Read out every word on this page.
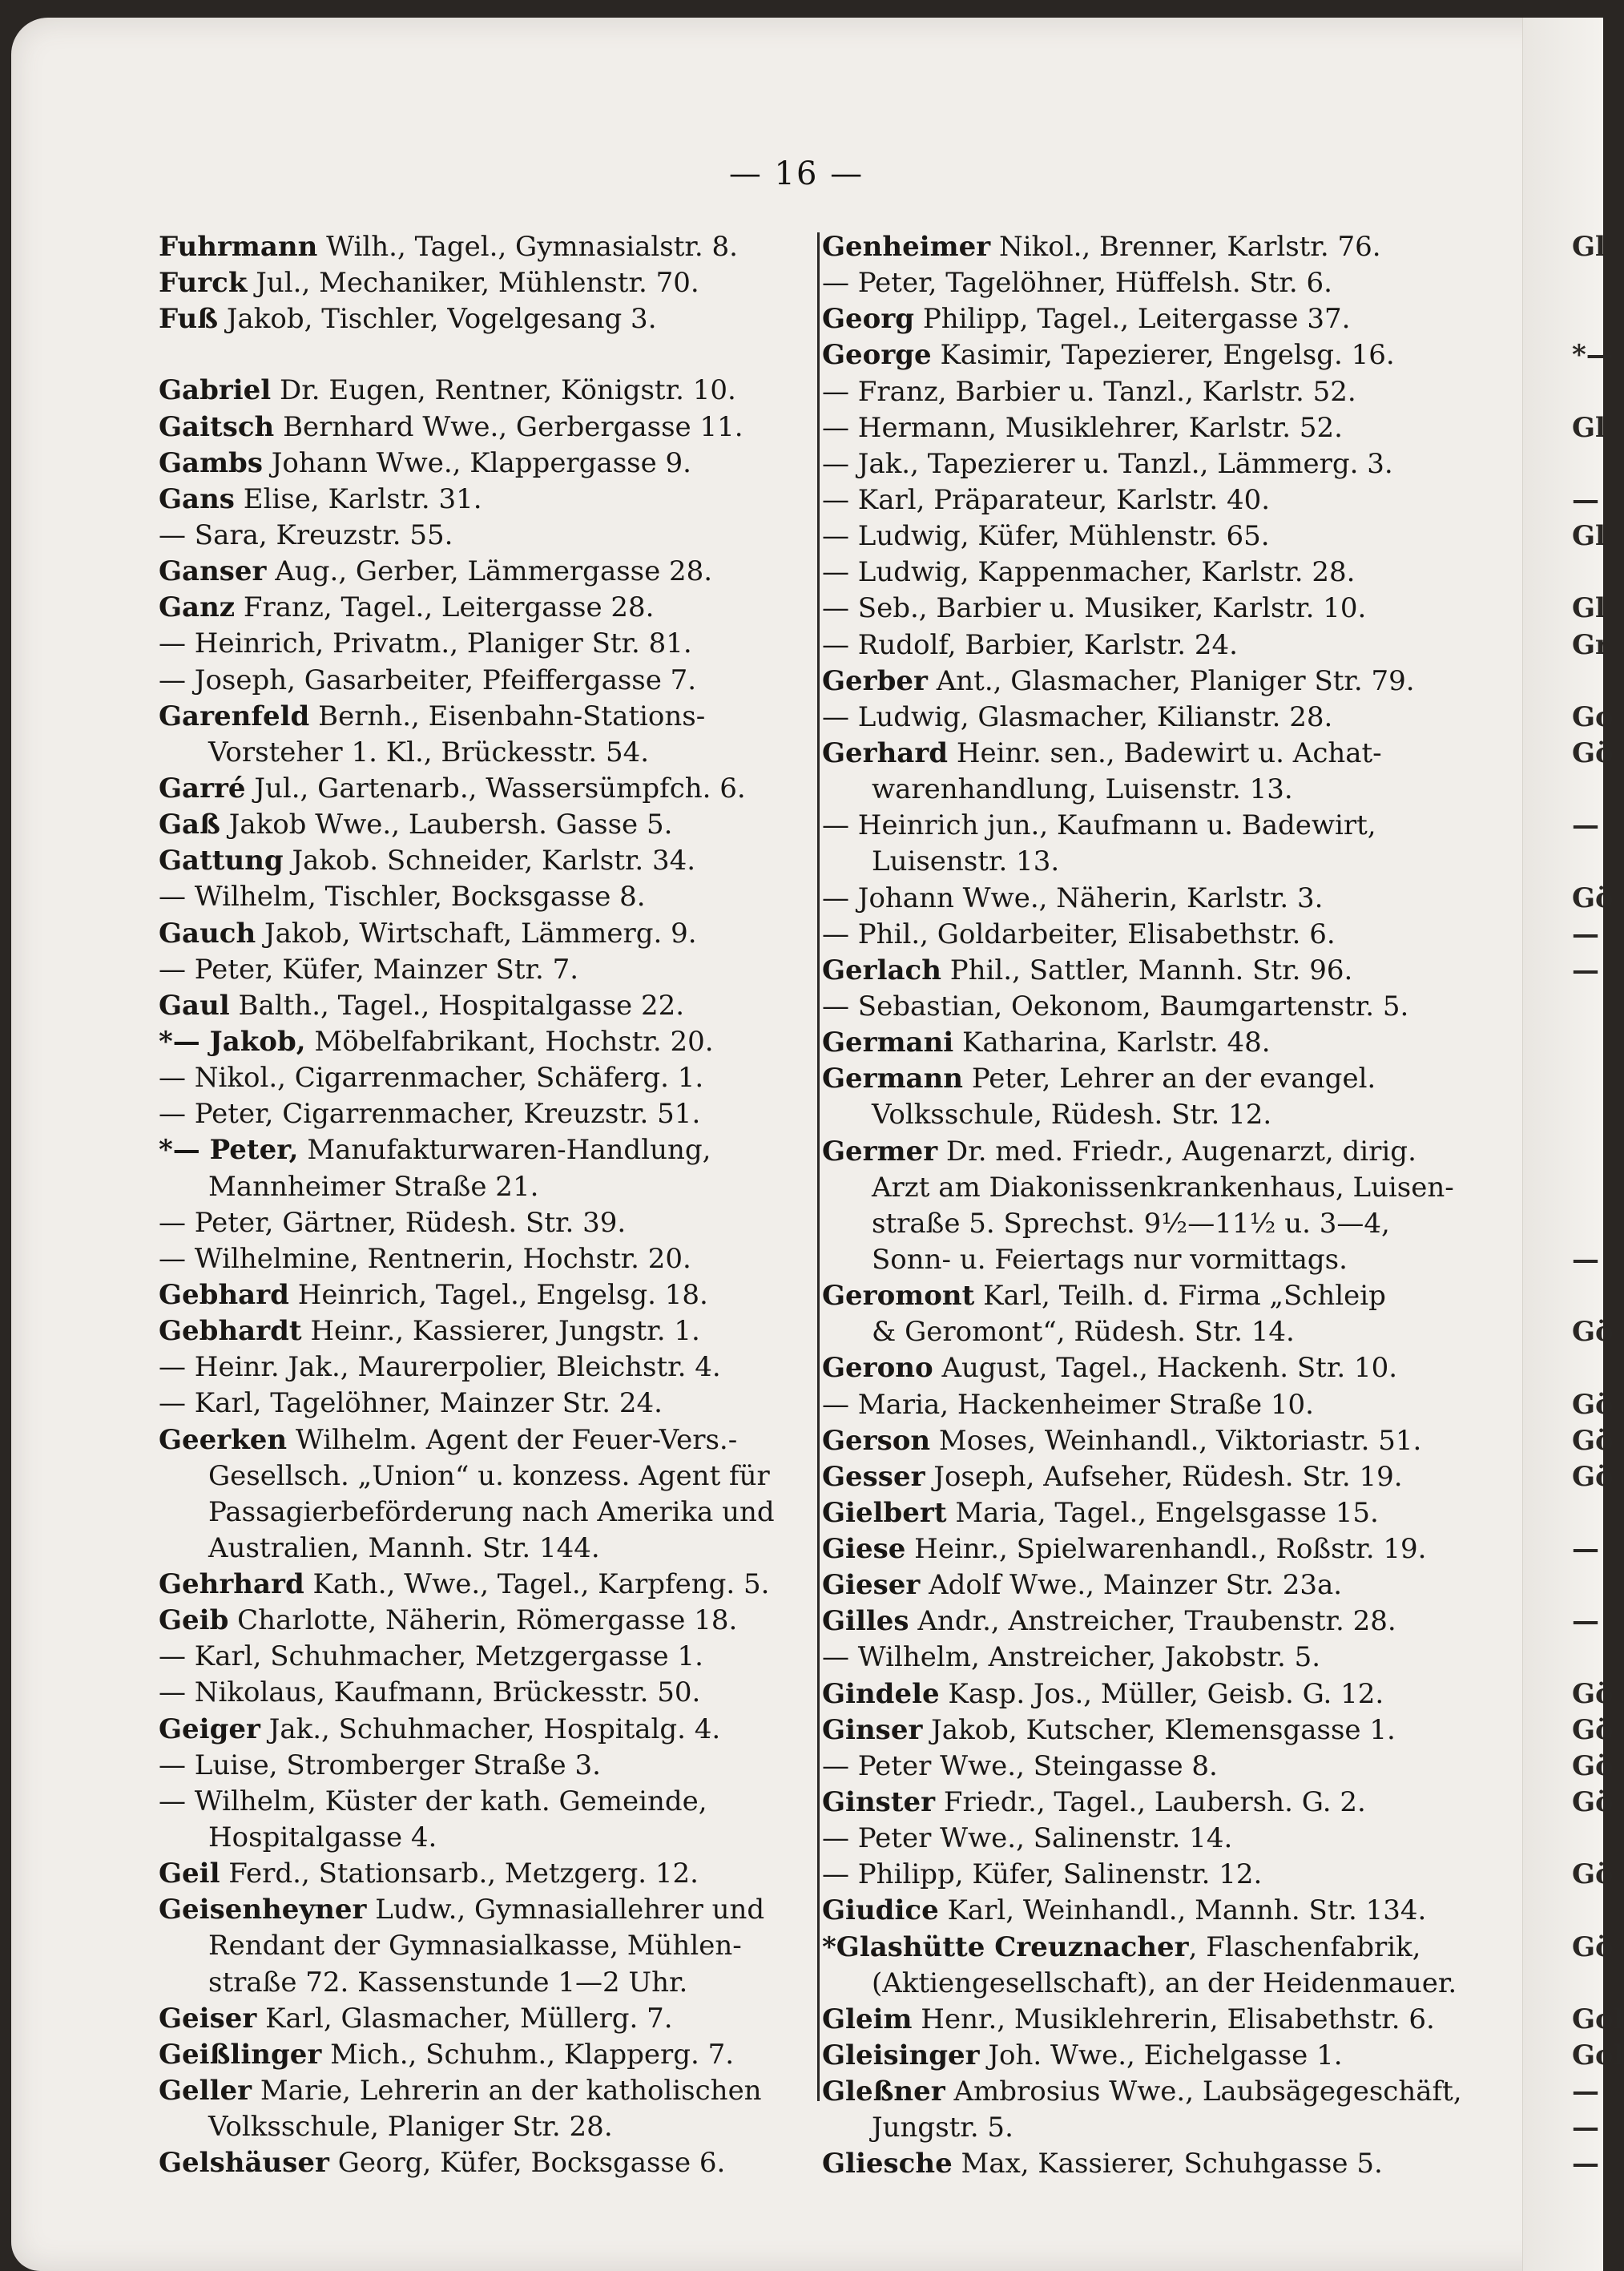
— 16 —
Fuhrmann Wilh., Tagel., Gymnasialstr. 8.
Furck Jul., Mechaniker, Mühlenstr. 70.
Fuß Jakob, Tischler, Vogelgesang 3.
Gabriel Dr. Eugen, Rentner, Königstr. 10.
Gaitsch Bernhard Wwe., Gerbergasse 11.
Gambs Johann Wwe., Klappergasse 9.
Gans Elise, Karlstr. 31.
— Sara, Kreuzstr. 55.
Ganser Aug., Gerber, Lämmergasse 28.
Ganz Franz, Tagel., Leitergasse 28.
— Heinrich, Privatm., Planiger Str. 81.
— Joseph, Gasarbeiter, Pfeiffergasse 7.
Garenfeld Bernh., Eisenbahn-Stations-
Vorsteher 1. Kl., Brückesstr. 54.
Garré Jul., Gartenarb., Wassersümpfch. 6.
Gaß Jakob Wwe., Laubersh. Gasse 5.
Gattung Jakob. Schneider, Karlstr. 34.
— Wilhelm, Tischler, Bocksgasse 8.
Gauch Jakob, Wirtschaft, Lämmerg. 9.
— Peter, Küfer, Mainzer Str. 7.
Gaul Balth., Tagel., Hospitalgasse 22.
*— Jakob, Möbelfabrikant, Hochstr. 20.
— Nikol., Cigarrenmacher, Schäferg. 1.
— Peter, Cigarrenmacher, Kreuzstr. 51.
*— Peter, Manufakturwaren-Handlung,
Mannheimer Straße 21.
— Peter, Gärtner, Rüdesh. Str. 39.
— Wilhelmine, Rentnerin, Hochstr. 20.
Gebhard Heinrich, Tagel., Engelsg. 18.
Gebhardt Heinr., Kassierer, Jungstr. 1.
— Heinr. Jak., Maurerpolier, Bleichstr. 4.
— Karl, Tagelöhner, Mainzer Str. 24.
Geerken Wilhelm. Agent der Feuer-Vers.-
Gesellsch. „Union“ u. konzess. Agent für
Passagierbeförderung nach Amerika und
Australien, Mannh. Str. 144.
Gehrhard Kath., Wwe., Tagel., Karpfeng. 5.
Geib Charlotte, Näherin, Römergasse 18.
— Karl, Schuhmacher, Metzgergasse 1.
— Nikolaus, Kaufmann, Brückesstr. 50.
Geiger Jak., Schuhmacher, Hospitalg. 4.
— Luise, Stromberger Straße 3.
— Wilhelm, Küster der kath. Gemeinde,
Hospitalgasse 4.
Geil Ferd., Stationsarb., Metzgerg. 12.
Geisenheyner Ludw., Gymnasiallehrer und
Rendant der Gymnasialkasse, Mühlen-
straße 72. Kassenstunde 1—2 Uhr.
Geiser Karl, Glasmacher, Müllerg. 7.
Geißlinger Mich., Schuhm., Klapperg. 7.
Geller Marie, Lehrerin an der katholischen
Volksschule, Planiger Str. 28.
Gelshäuser Georg, Küfer, Bocksgasse 6.
Genheimer Nikol., Brenner, Karlstr. 76.
— Peter, Tagelöhner, Hüffelsh. Str. 6.
Georg Philipp, Tagel., Leitergasse 37.
George Kasimir, Tapezierer, Engelsg. 16.
— Franz, Barbier u. Tanzl., Karlstr. 52.
— Hermann, Musiklehrer, Karlstr. 52.
— Jak., Tapezierer u. Tanzl., Lämmerg. 3.
— Karl, Präparateur, Karlstr. 40.
— Ludwig, Küfer, Mühlenstr. 65.
— Ludwig, Kappenmacher, Karlstr. 28.
— Seb., Barbier u. Musiker, Karlstr. 10.
— Rudolf, Barbier, Karlstr. 24.
Gerber Ant., Glasmacher, Planiger Str. 79.
— Ludwig, Glasmacher, Kilianstr. 28.
Gerhard Heinr. sen., Badewirt u. Achat-
warenhandlung, Luisenstr. 13.
— Heinrich jun., Kaufmann u. Badewirt,
Luisenstr. 13.
— Johann Wwe., Näherin, Karlstr. 3.
— Phil., Goldarbeiter, Elisabethstr. 6.
Gerlach Phil., Sattler, Mannh. Str. 96.
— Sebastian, Oekonom, Baumgartenstr. 5.
Germani Katharina, Karlstr. 48.
Germann Peter, Lehrer an der evangel.
Volksschule, Rüdesh. Str. 12.
Germer Dr. med. Friedr., Augenarzt, dirig.
Arzt am Diakonissenkrankenhaus, Luisen-
straße 5. Sprechst. 9½—11½ u. 3—4,
Sonn- u. Feiertags nur vormittags.
Geromont Karl, Teilh. d. Firma „Schleip
& Geromont“, Rüdesh. Str. 14.
Gerono August, Tagel., Hackenh. Str. 10.
— Maria, Hackenheimer Straße 10.
Gerson Moses, Weinhandl., Viktoriastr. 51.
Gesser Joseph, Aufseher, Rüdesh. Str. 19.
Gielbert Maria, Tagel., Engelsgasse 15.
Giese Heinr., Spielwarenhandl., Roßstr. 19.
Gieser Adolf Wwe., Mainzer Str. 23a.
Gilles Andr., Anstreicher, Traubenstr. 28.
— Wilhelm, Anstreicher, Jakobstr. 5.
Gindele Kasp. Jos., Müller, Geisb. G. 12.
Ginser Jakob, Kutscher, Klemensgasse 1.
— Peter Wwe., Steingasse 8.
Ginster Friedr., Tagel., Laubersh. G. 2.
— Peter Wwe., Salinenstr. 14.
— Philipp, Küfer, Salinenstr. 12.
Giudice Karl, Weinhandl., Mannh. Str. 134.
*Glashütte Creuznacher, Flaschenfabrik,
(Aktiengesellschaft), an der Heidenmauer.
Gleim Henr., Musiklehrerin, Elisabethstr. 6.
Gleisinger Joh. Wwe., Eichelgasse 1.
Gleßner Ambrosius Wwe., Laubsägegeschäft,
Jungstr. 5.
Gliesche Max, Kassierer, Schuhgasse 5.
Gl
*—
Gl
—
Gl
Gl
Gr
Go
Gö
—
Gö
—
—
—
Gö
Gö
Gö
Gö
—
—
Gö
Gö
Gö
Gö
Gö
Gö
Gol
Gol
—
—
—
